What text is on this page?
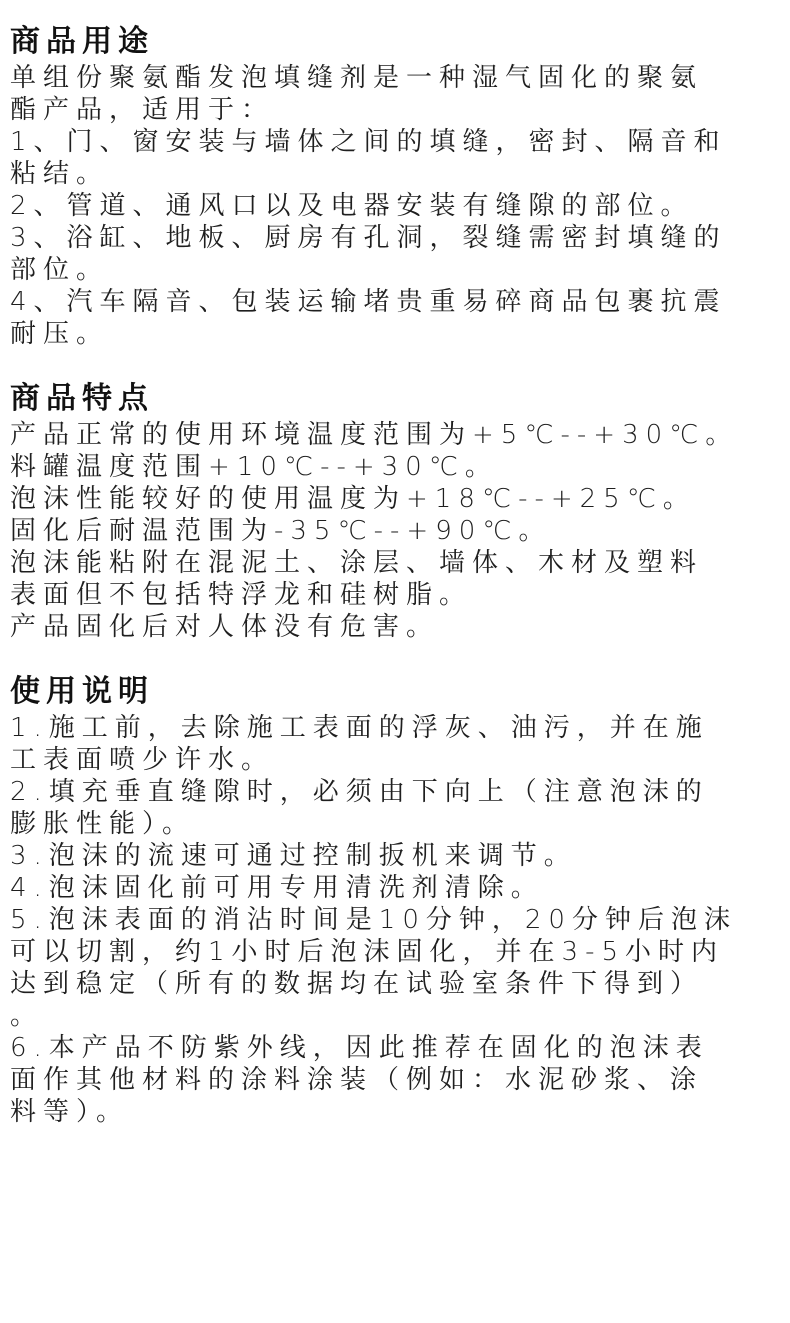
商品用途

单组份聚氨酯发泡填缝剂是一种湿气固化的聚氨

酯产品，适用于：

1、门、窗安装与墙体之间的填缝，密封、隔音和

粘结。

2、管道、通风口以及电器安装有缝隙的部位。

3、浴缸、地板、厨房有孔洞，裂缝需密封填缝的

部位。

4、汽车隔音、包装运输堵贵重易碎商品包裹抗震

耐压。

商品特点

产品正常的使用环境温度范围为+5℃--+30℃。

料罐温度范围+10℃--+30℃。

泡沫性能较好的使用温度为+18℃--+25℃。

固化后耐温范围为-35℃--+90℃。

泡沫能粘附在混泥土、涂层、墙体、木材及塑料

表面但不包括特浮龙和硅树脂。

产品固化后对人体没有危害。

使用说明

1.施工前，去除施工表面的浮灰、油污，并在施

工表面喷少许水。

2.填充垂直缝隙时，必须由下向上（注意泡沫的

膨胀性能）。

3.泡沫的流速可通过控制扳机来调节。

4.泡沫固化前可用专用清洗剂清除。

5.泡沫表面的消沾时间是10分钟，20分钟后泡沫

可以切割，约1小时后泡沫固化，并在3-5小时内

达到稳定（所有的数据均在试验室条件下得到）

。

6.本产品不防紫外线，因此推荐在固化的泡沫表

面作其他材料的涂料涂装（例如：水泥砂浆、涂

料等）。
